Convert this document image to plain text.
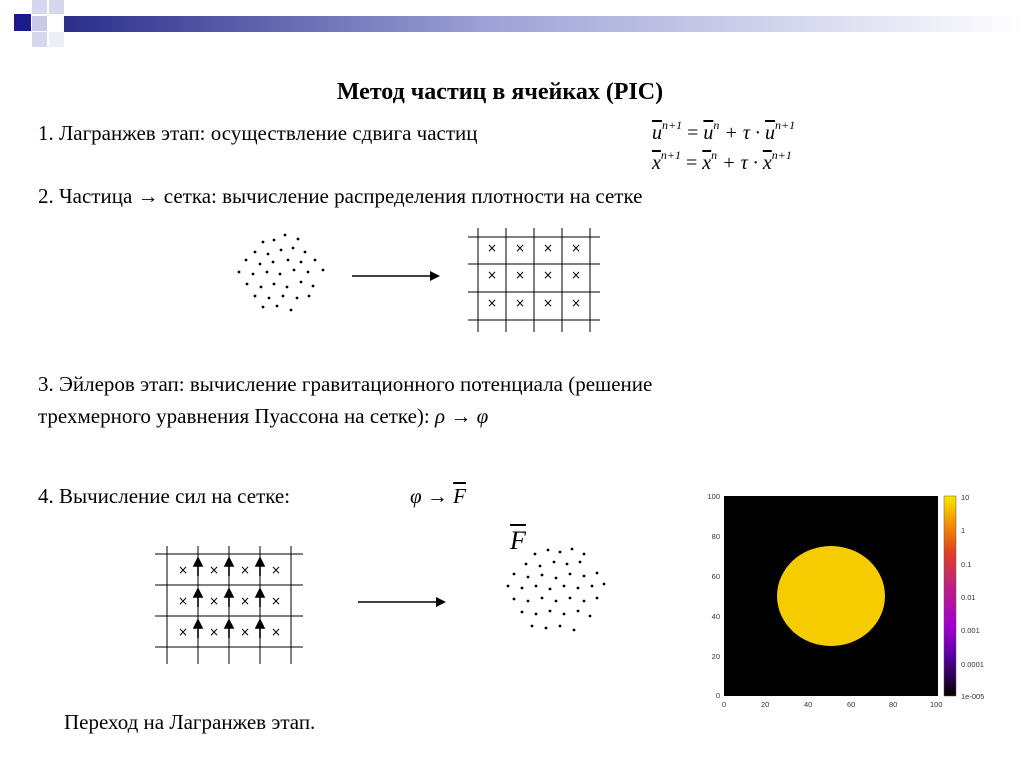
Метод частиц в ячейках (PIC)
1. Лагранжев этап: осуществление сдвига частиц	$\overline{u}^{n+1} = \overline{u}^n + \tau \cdot \overline{u}^{n+1}$
$\overline{x}^{n+1} = \overline{x}^n + \tau \cdot \overline{x}^{n+1}$
2. Частица → сетка: вычисление распределения плотности на сетке
× × × ×
× × × ×
× × × ×
3. Эйлеров этап: вычисление гравитационного потенциала (решение
трехмерного уравнения Пуассона на сетке): ρ → φ
4. Вычисление сил на сетке:	$\varphi \to \overline{F}$
× × × ×
× × × ×
× × × ×
$\overline{F}$
100
80
60
40
20
0
0	20	40	60	80	100
10
1
0.1
0.01
0.001
0.0001
1e-005
Переход на Лагранжев этап.
